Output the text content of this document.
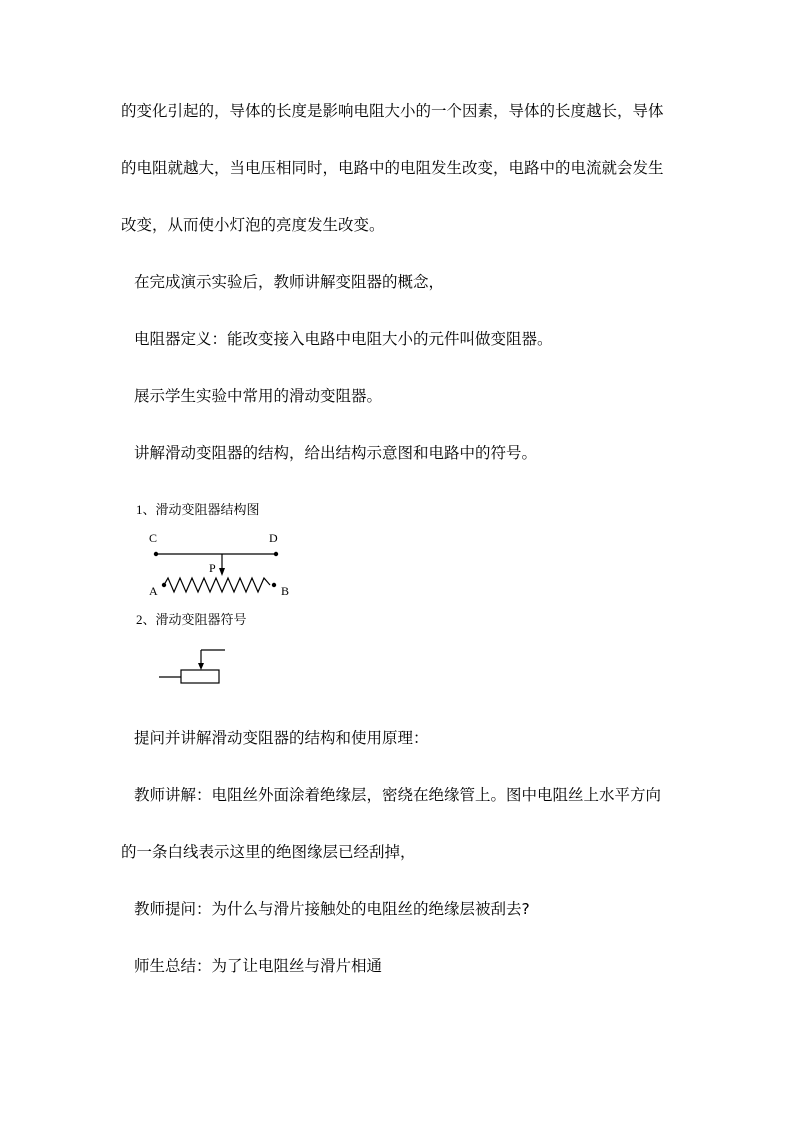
的变化引起的，导体的长度是影响电阻大小的一个因素，导体的长度越长，导体
的电阻就越大，当电压相同时，电路中的电阻发生改变，电路中的电流就会发生
改变，从而使小灯泡的亮度发生改变。
在完成演示实验后，教师讲解变阻器的概念，
电阻器定义：能改变接入电路中电阻大小的元件叫做变阻器。
展示学生实验中常用的滑动变阻器。
讲解滑动变阻器的结构，给出结构示意图和电路中的符号。
1、滑动变阻器结构图
C	D
P
A	B
2、滑动变阻器符号
提问并讲解滑动变阻器的结构和使用原理：
教师讲解：电阻丝外面涂着绝缘层，密绕在绝缘管上。图中电阻丝上水平方向
的一条白线表示这里的绝图缘层已经刮掉，
教师提问：为什么与滑片接触处的电阻丝的绝缘层被刮去?
师生总结：为了让电阻丝与滑片相通
